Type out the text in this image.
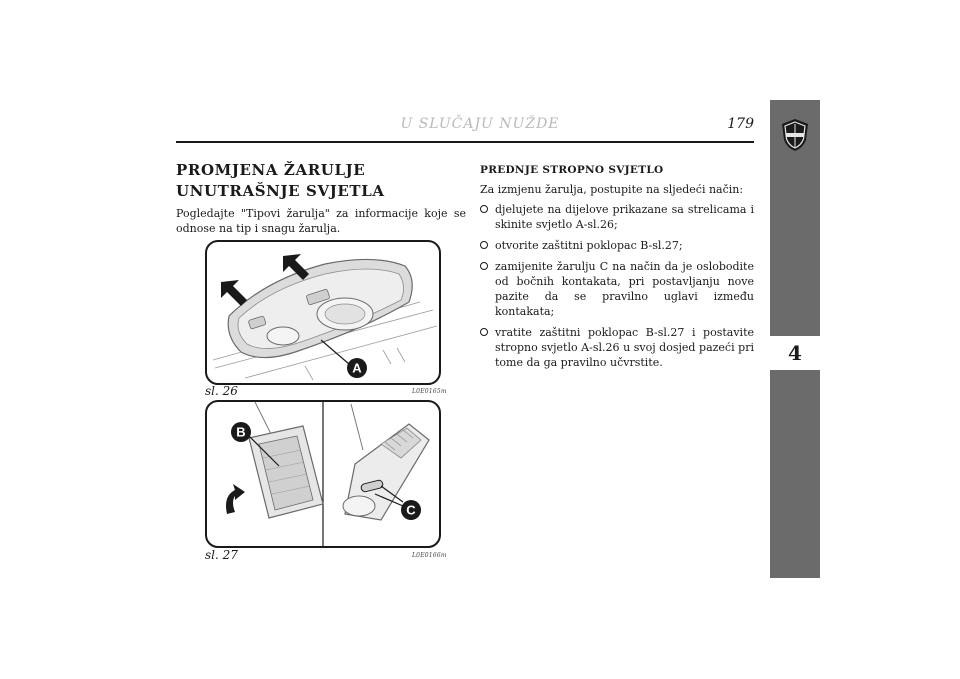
U SLUČAJU NUŽDE	179
4
PROMJENA ŽARULJE UNUTRAŠNJE SVJETLA

Pogledajte "Tipovi žarulja" za informacije koje se odnose na tip i snagu žarulja.

A
sl. 26	L0E0165m
B
C
sl. 27	L0E0166m
PREDNJE STROPNO SVJETLO

Za izmjenu žarulja, postupite na sljedeći način:

djelujete na dijelove prikazane sa strelicama i skinite svjetlo A-sl.26;
otvorite zaštitni poklopac B-sl.27;
zamijenite žarulju C na način da je oslobodite od bočnih kontakata, pri postavljanju nove pazite da se pravilno uglavi između kontakata;
vratite zaštitni poklopac B-sl.27 i postavite stropno svjetlo A-sl.26 u svoj dosjed pazeći pri tome da ga pravilno učvrstite.
